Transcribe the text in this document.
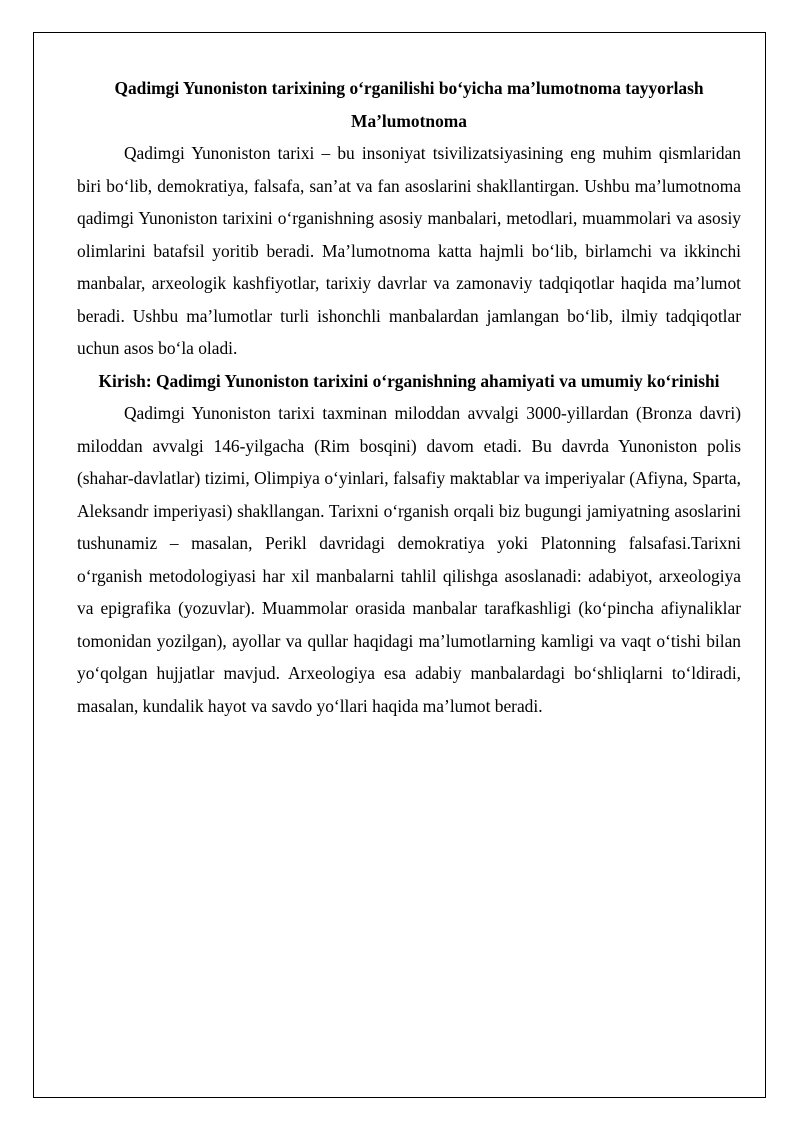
Qadimgi Yunoniston tarixining o‘rganilishi bo‘yicha ma’lumotnoma tayyorlash

Ma’lumotnoma

Qadimgi Yunoniston tarixi – bu insoniyat tsivilizatsiyasining eng muhim qismlaridan biri bo‘lib, demokratiya, falsafa, san’at va fan asoslarini shakllantirgan. Ushbu ma’lumotnoma qadimgi Yunoniston tarixini o‘rganishning asosiy manbalari, metodlari, muammolari va asosiy olimlarini batafsil yoritib beradi. Ma’lumotnoma katta hajmli bo‘lib, birlamchi va ikkinchi manbalar, arxeologik kashfiyotlar, tarixiy davrlar va zamonaviy tadqiqotlar haqida ma’lumot beradi. Ushbu ma’lumotlar turli ishonchli manbalardan jamlangan bo‘lib, ilmiy tadqiqotlar uchun asos bo‘la oladi.

Kirish: Qadimgi Yunoniston tarixini o‘rganishning ahamiyati va umumiy ko‘rinishi

Qadimgi Yunoniston tarixi taxminan miloddan avvalgi 3000-yillardan (Bronza davri) miloddan avvalgi 146-yilgacha (Rim bosqini) davom etadi. Bu davrda Yunoniston polis (shahar-davlatlar) tizimi, Olimpiya o‘yinlari, falsafiy maktablar va imperiyalar (Afiyna, Sparta, Aleksandr imperiyasi) shakllangan. Tarixni o‘rganish orqali biz bugungi jamiyatning asoslarini tushunamiz – masalan, Perikl davridagi demokratiya yoki Platonning falsafasi.Tarixni o‘rganish metodologiyasi har xil manbalarni tahlil qilishga asoslanadi: adabiyot, arxeologiya va epigrafika (yozuvlar). Muammolar orasida manbalar tarafkashligi (ko‘pincha afiynaliklar tomonidan yozilgan), ayollar va qullar haqidagi ma’lumotlarning kamligi va vaqt o‘tishi bilan yo‘qolgan hujjatlar mavjud. Arxeologiya esa adabiy manbalardagi bo‘shliqlarni to‘ldiradi, masalan, kundalik hayot va savdo yo‘llari haqida ma’lumot beradi.
